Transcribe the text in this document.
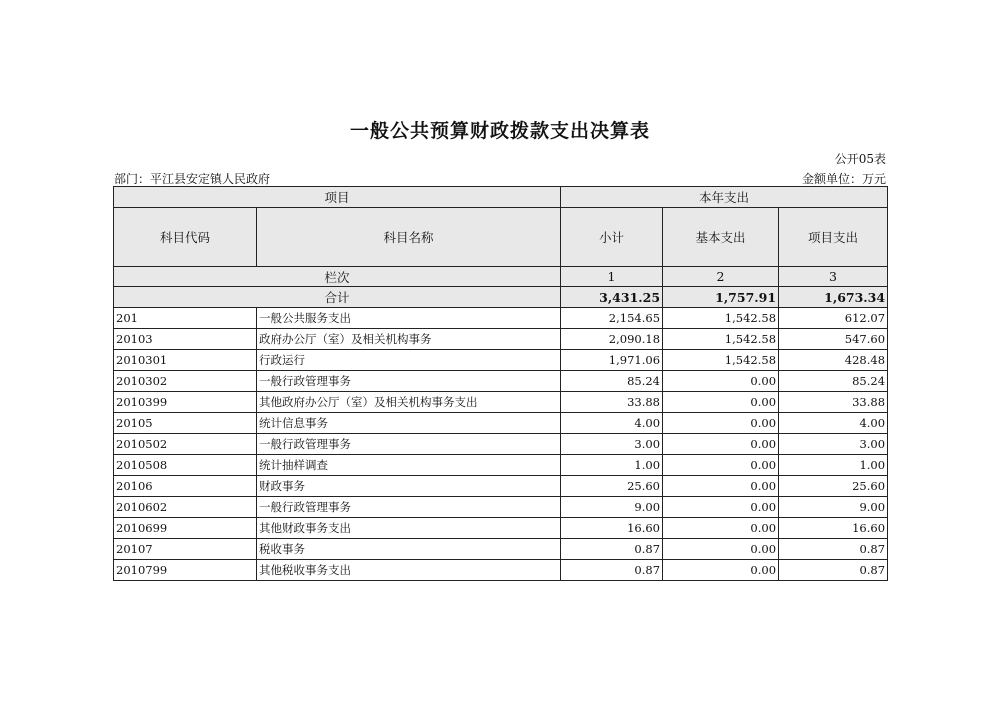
一般公共预算财政拨款支出决算表
公开05表
部门：平江县安定镇人民政府	金额单位：万元
项目		本年支出		
科目代码	科目名称	小计	基本支出	项目支出
栏次		1	2	3
合计		3,431.25	1,757.91	1,673.34
201	一般公共服务支出	2,154.65	1,542.58	612.07
20103	政府办公厅（室）及相关机构事务	2,090.18	1,542.58	547.60
2010301	行政运行	1,971.06	1,542.58	428.48
2010302	一般行政管理事务	85.24	0.00	85.24
2010399	其他政府办公厅（室）及相关机构事务支出	33.88	0.00	33.88
20105	统计信息事务	4.00	0.00	4.00
2010502	一般行政管理事务	3.00	0.00	3.00
2010508	统计抽样调查	1.00	0.00	1.00
20106	财政事务	25.60	0.00	25.60
2010602	一般行政管理事务	9.00	0.00	9.00
2010699	其他财政事务支出	16.60	0.00	16.60
20107	税收事务	0.87	0.00	0.87
2010799	其他税收事务支出	0.87	0.00	0.87
